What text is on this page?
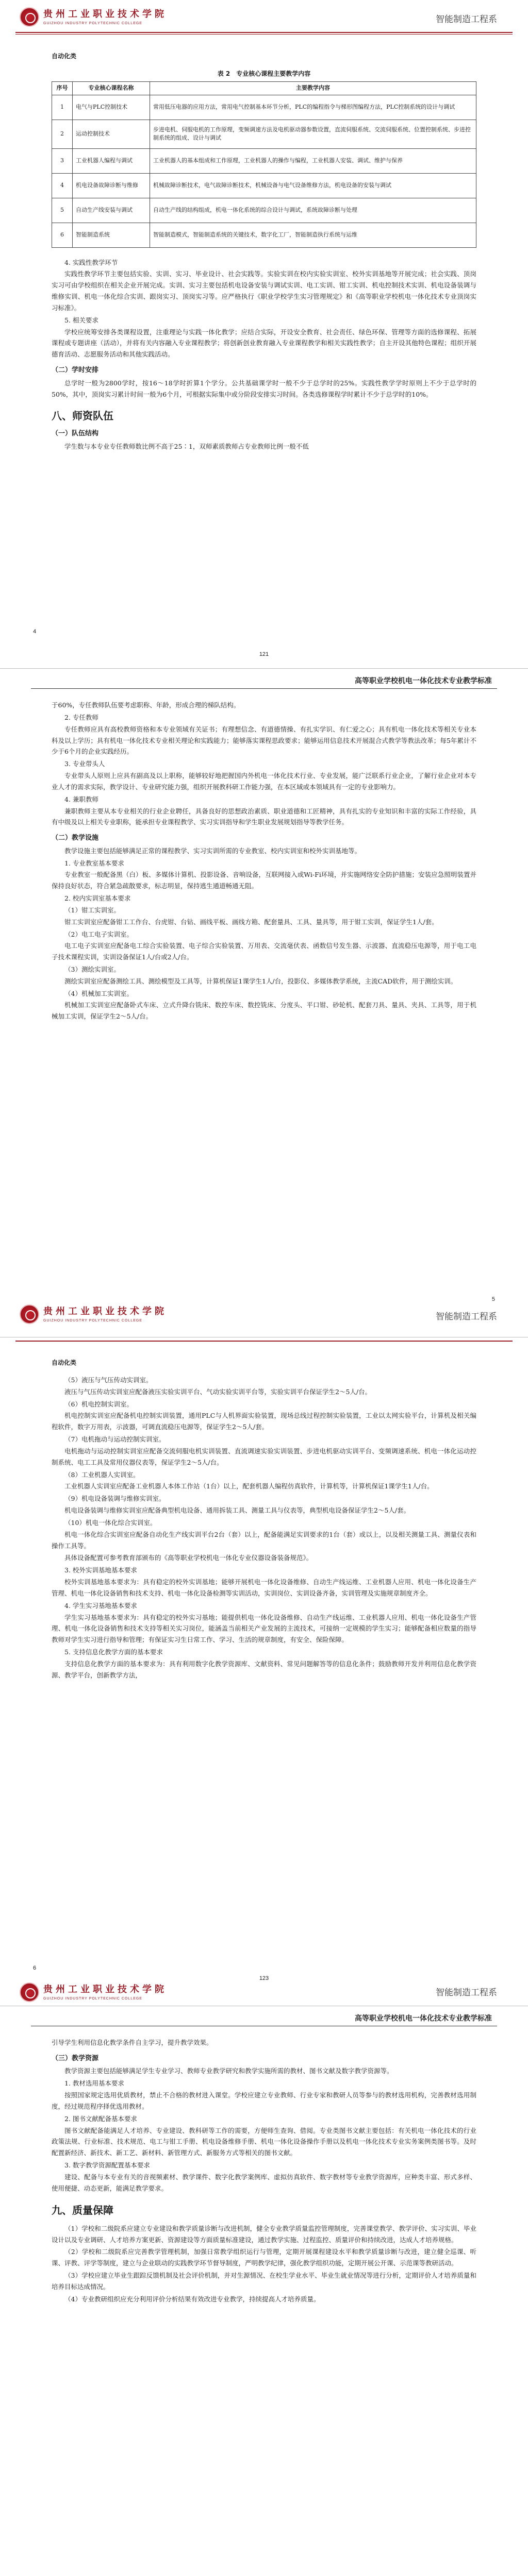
贵州工业职业技术学院
GUIZHOU INDUSTRY POLYTECHNIC COLLEGE	智能制造工程系
自动化类
表 2　专业核心课程主要教学内容
序号	专业核心课程名称	主要教学内容
1	电气与PLC控制技术	常用低压电器的应用方法，常用电气控制基本环节分析，PLC的编程指令与梯形图编程方法，PLC控制系统的设计与调试
2	运动控制技术	步进电机、伺服电机的工作原理，变频调速方法及电机驱动器参数设置，直流伺服系统、交流伺服系统、位置控制系统、步进控制系统的组成、设计与调试
3	工业机器人编程与调试	工业机器人的基本组成和工作原理，工业机器人的操作与编程，工业机器人安装、调试、维护与保养
4	机电设备故障诊断与维修	机械故障诊断技术，电气故障诊断技术，机械设备与电气设备维修方法，机电设备的安装与调试
5	自动生产线安装与调试	自动生产线的结构组成，机电一体化系统的综合设计与调试，系统故障诊断与处理
6	智能制造系统	智能制造模式，智能制造系统的关键技术，数字化工厂，智能制造执行系统与运维
4. 实践性教学环节

实践性教学环节主要包括实验、实训、实习、毕业设计、社会实践等。实验实训在校内实验实训室、校外实训基地等开展完成；社会实践、顶岗实习可由学校组织在相关企业开展完成。实训、实习主要包括机电设备安装与调试实训、电工实训、钳工实训、机电控制技术实训、机电设备装调与维修实训、机电一体化综合实训、跟岗实习、顶岗实习等。应严格执行《职业学校学生实习管理规定》和《高等职业学校机电一体化技术专业顶岗实习标准》。

5. 相关要求

学校应统筹安排各类课程设置，注重理论与实践一体化教学；应结合实际，开设安全教育、社会责任、绿色环保、管理等方面的选修课程、拓展课程或专题讲座（活动），并将有关内容融入专业课程教学；将创新创业教育融入专业课程教学和相关实践性教学；自主开设其他特色课程；组织开展德育活动、志愿服务活动和其他实践活动。

（二）学时安排

总学时一般为2800学时，按16～18学时折算1个学分。公共基础课学时一般不少于总学时的25%。实践性教学学时原则上不少于总学时的50%，其中，顶岗实习累计时间一般为6个月，可根据实际集中或分阶段安排实习时间。各类选修课程学时累计不少于总学时的10%。

八、师资队伍
（一）队伍结构

学生数与本专业专任教师数比例不高于25∶1，双师素质教师占专业教师比例一般不低

4
121
高等职业学校机电一体化技术专业教学标准

于60%，专任教师队伍要考虑职称、年龄，形成合理的梯队结构。

2. 专任教师

专任教师应具有高校教师资格和本专业领域有关证书；有理想信念、有道德情操、有扎实学识、有仁爱之心；具有机电一体化技术等相关专业本科及以上学历；具有机电一体化技术专业相关理论和实践能力；能够落实课程思政要求；能够运用信息技术开展混合式教学等教法改革；每5年累计不少于6个月的企业实践经历。

3. 专业带头人

专业带头人原则上应具有副高及以上职称，能够较好地把握国内外机电一体化技术行业、专业发展，能广泛联系行业企业，了解行业企业对本专业人才的需求实际，教学设计、专业研究能力强，组织开展教科研工作能力强，在本区域或本领域具有一定的专业影响力。

4. 兼职教师

兼职教师主要从本专业相关的行业企业聘任，具备良好的思想政治素质、职业道德和工匠精神，具有扎实的专业知识和丰富的实际工作经验，具有中级及以上相关专业职称，能承担专业课程教学、实习实训指导和学生职业发展规划指导等教学任务。

（二）教学设施

教学设施主要包括能够满足正常的课程教学、实习实训所需的专业教室、校内实训室和校外实训基地等。

1. 专业教室基本要求

专业教室一般配备黑（白）板、多媒体计算机、投影设备、音响设备，互联网接入或Wi-Fi环境，并实施网络安全防护措施；安装应急照明装置并保持良好状态，符合紧急疏散要求，标志明显，保持逃生通道畅通无阻。

2. 校内实训室基本要求
（1）钳工实训室。

钳工实训室应配备钳工工作台、台虎钳、台钻、画线平板、画线方箱、配套量具、工具、量具等，用于钳工实训，保证学生1人/套。

（2）电工电子实训室。

电工电子实训室应配备电工综合实验装置、电子综合实验装置、万用表、交流毫伏表、函数信号发生器、示波器、直流稳压电源等，用于电工电子技术课程实训，实训设备保证1人/台或2人/台。

（3）测绘实训室。

测绘实训室应配备测绘工具、测绘模型及工具等，计算机保证1课学生1人/台，投影仪、多媒体教学系统，主流CAD软件，用于测绘实训。

（4）机械加工实训室。

机械加工实训室应配备卧式车床、立式升降台铣床、数控车床、数控铣床、分度头、平口钳、砂轮机、配套刀具、量具、夹具、工具等，用于机械加工实训，保证学生2～5人/台。

5
贵州工业职业技术学院
GUIZHOU INDUSTRY POLYTECHNIC COLLEGE	智能制造工程系
自动化类
（5）液压与气压传动实训室。

液压与气压传动实训室应配备液压实验实训平台、气动实验实训平台等，实验实训平台保证学生2～5人/台。

（6）机电控制实训室。

机电控制实训室应配备机电控制实训装置，通用PLC与人机界面实验装置，现场总线过程控制实验装置，工业以太网实验平台，计算机及相关编程软件，数字万用表，示波器，可调直流稳压电源等，保证学生2～5人/套。

（7）电机拖动与运动控制实训室。

电机拖动与运动控制实训室应配备交流伺服电机实训装置、直流调速实验实训装置、步进电机驱动实训平台、变频调速系统、机电一体化运动控制系统、电工工具及常用仪器仪表等，保证学生2～5人/台。

（8）工业机器人实训室。

工业机器人实训室应配备工业机器人本体工作站（1台）以上，配套机器人编程仿真软件，计算机等，计算机保证1课学生1人/台。

（9）机电设备装调与维修实训室。

机电设备装调与维修实训室应配备典型机电设备、通用拆装工具、测量工具与仪表等，典型机电设备保证学生2～5人/套。

（10）机电一体化综合实训室。

机电一体化综合实训室应配备自动化生产线实训平台2台（套）以上，配备能满足实训要求的1台（套）或以上，以及相关测量工具、测量仪表和操作工具等。

具体设备配置可参考教育部颁布的《高等职业学校机电一体化专业仪器设备装备规范》。

3. 校外实训基地基本要求

校外实训基地基本要求为：具有稳定的校外实训基地；能够开展机电一体化设备维修、自动生产线运维、工业机器人应用、机电一体化设备生产管理、机电一体化设备销售和技术支持、机电一体化设备检测等实训活动，实训岗位、实训设备齐备，实训管理及实施规章制度齐全。

4. 学生实习基地基本要求

学生实习基地基本要求为：具有稳定的校外实习基地；能提供机电一体化设备维修、自动生产线运维、工业机器人应用、机电一体化设备生产管理、机电一体化设备销售和技术支持等相关实习岗位，能涵盖当前相关产业发展的主流技术，可接纳一定规模的学生实习；能够配备相应数量的指导教师对学生实习进行指导和管理；有保证实习生日常工作、学习、生活的规章制度，有安全、保险保障。

5. 支持信息化教学方面的基本要求

支持信息化教学方面的基本要求为：具有利用数字化教学资源库、文献资料、常见问题解答等的信息化条件；鼓励教师开发并利用信息化教学资源、教学平台，创新教学方法，

6
123
贵州工业职业技术学院
GUIZHOU INDUSTRY POLYTECHNIC COLLEGE
智能制造工程系
高等职业学校机电一体化技术专业教学标准

引导学生利用信息化教学条件自主学习，提升教学效果。

（三）教学资源

教学资源主要包括能够满足学生专业学习、教师专业教学研究和教学实施所需的教材、图书文献及数字教学资源等。

1. 教材选用基本要求

按照国家规定选用优质教材，禁止不合格的教材进入课堂。学校应建立专业教师、行业专家和教研人员等参与的教材选用机构，完善教材选用制度，经过规范程序择优选用教材。

2. 图书文献配备基本要求

图书文献配备能满足人才培养、专业建设、教科研等工作的需要，方便师生查询、借阅。专业类图书文献主要包括：有关机电一体化技术的行业政策法规、行业标准、技术规范、电工与钳工手册、机电设备维修手册、机电一体化设备操作手册以及机电一体化技术专业实务案例类图书等。及时配置新经济、新技术、新工艺、新材料、新管理方式、新服务方式等相关的图书文献。

3. 数字教学资源配置基本要求

建设、配备与本专业有关的音视频素材、教学课件、数字化教学案例库、虚拟仿真软件、数字教材等专业教学资源库，应种类丰富、形式多样、使用便捷、动态更新，能满足教学要求。

九、质量保障

（1）学校和二级院系应建立专业建设和教学质量诊断与改进机制，健全专业教学质量监控管理制度，完善课堂教学、教学评价、实习实训、毕业设计以及专业调研、人才培养方案更新、资源建设等方面质量标准建设，通过教学实施、过程监控、质量评价和持续改进，达成人才培养规格。

（2）学校和二级院系应完善教学管理机制，加强日常教学组织运行与管理，定期开展课程建设水平和教学质量诊断与改进，建立健全巡课、听课、评教、评学等制度，建立与企业联动的实践教学环节督导制度，严明教学纪律，强化教学组织功能，定期开展公开课、示范课等教研活动。

（3）学校应建立毕业生跟踪反馈机制及社会评价机制，并对生源情况、在校生学业水平、毕业生就业情况等进行分析，定期评价人才培养质量和培养目标达成情况。

（4）专业教研组织应充分利用评价分析结果有效改进专业教学，持续提高人才培养质量。
